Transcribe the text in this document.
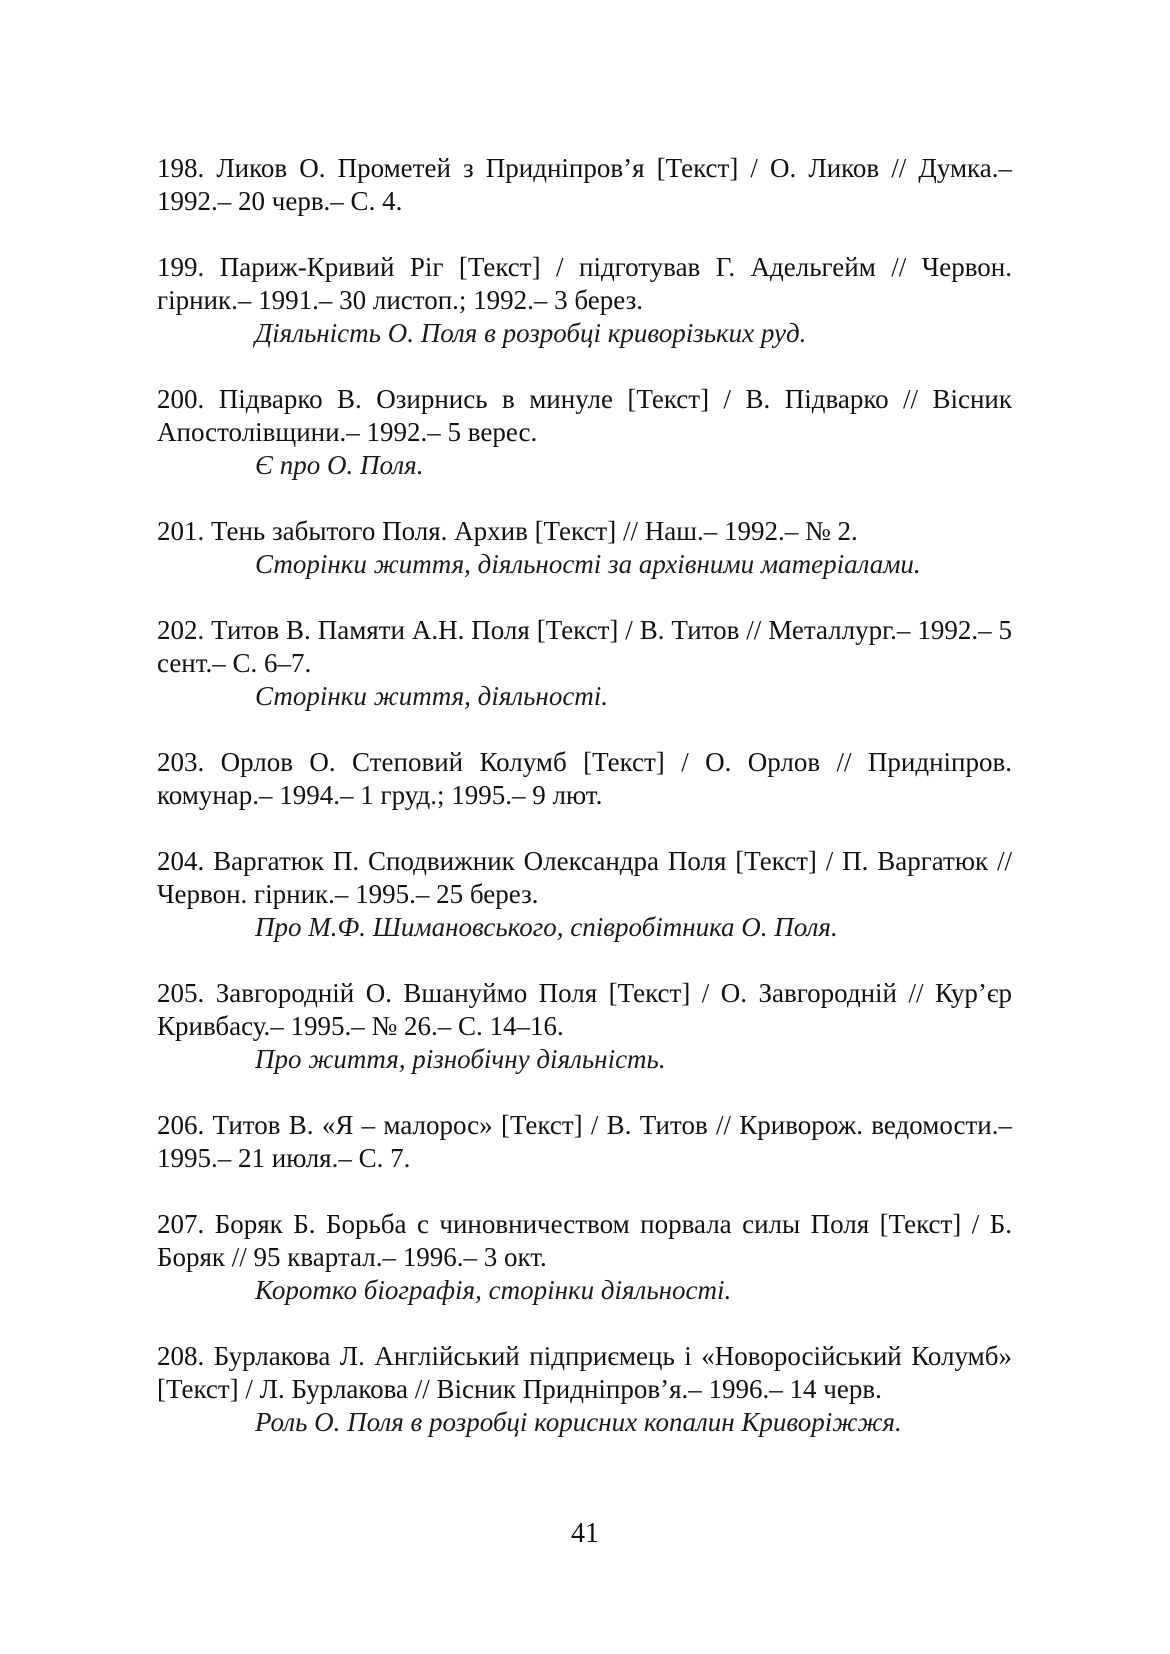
198. Ликов О. Прометей з Придніпров’я [Текст] / О. Ликов // Думка.– 1992.– 20 черв.– С. 4.
199. Париж-Кривий Ріг [Текст] / підготував Г. Адельгейм // Червон. гірник.– 1991.– 30 листоп.; 1992.– 3 берез.
Діяльність О. Поля в розробці криворізьких руд.
200. Підварко В. Озирнись в минуле [Текст] / В. Підварко // Вісник Апостолівщини.– 1992.– 5 верес.
Є про О. Поля.
201. Тень забытого Поля. Архив [Текст] // Наш.– 1992.– № 2.
Сторінки життя, діяльності за архівними матеріалами.
202. Титов В. Памяти А.Н. Поля [Текст] / В. Титов // Металлург.– 1992.– 5 сент.– С. 6–7.
Сторінки життя, діяльності.
203. Орлов О. Степовий Колумб [Текст] / О. Орлов // Придніпров. комунар.– 1994.– 1 груд.; 1995.– 9 лют.
204. Варгатюк П. Сподвижник Олександра Поля [Текст] / П. Варгатюк // Червон. гірник.– 1995.– 25 берез.
Про М.Ф. Шимановського, співробітника О. Поля.
205. Завгородній О. Вшануймо Поля [Текст] / О. Завгородній // Кур’єр Кривбасу.– 1995.– № 26.– С. 14–16.
Про життя, різнобічну діяльність.
206. Титов В. «Я – малорос» [Текст] / В. Титов // Криворож. ведомости.– 1995.– 21 июля.– С. 7.
207. Боряк Б. Борьба с чиновничеством порвала силы Поля [Текст] / Б. Боряк // 95 квартал.– 1996.– 3 окт.
Коротко біографія, сторінки діяльності.
208. Бурлакова Л. Англійський підприємець і «Новоросійський Колумб» [Текст] / Л. Бурлакова // Вісник Придніпров’я.– 1996.– 14 черв.
Роль О. Поля в розробці корисних копалин Криворіжжя.
41
